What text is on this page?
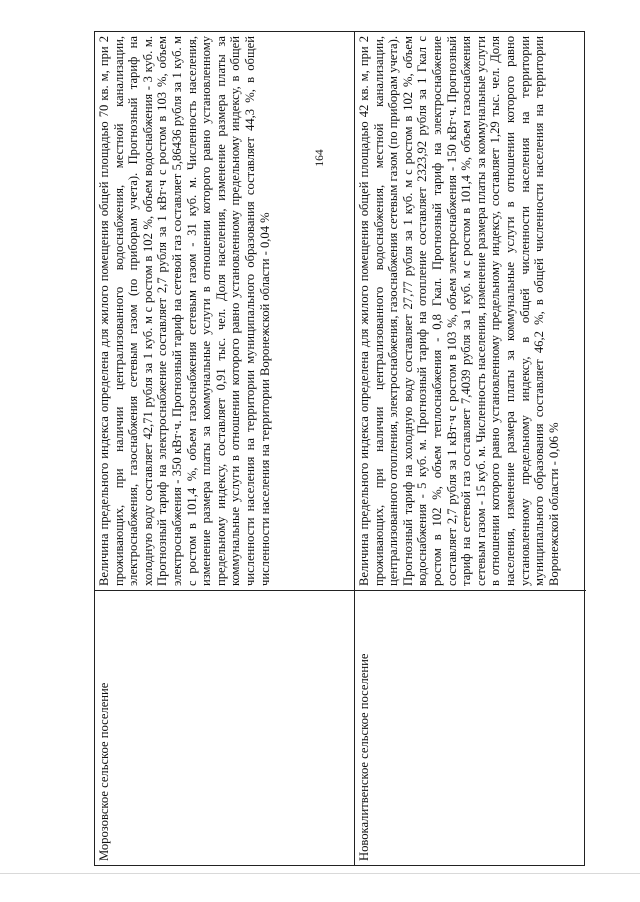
164
Морозовское сельское поселение
Величина предельного индекса определена для жилого помещения общей площадью 70 кв. м, при 2 проживающих, при наличии централизованного водоснабжения, местной канализации, электроснабжения, газоснабжения сетевым газом (по приборам учета). Прогнозный тариф на холодную воду составляет 42,71 рубля за 1 куб. м с ростом в 102 %, объем водоснабжения - 3 куб. м. Прогнозный тариф на электроснабжение составляет 2,7 рубля за 1 кВт·ч с ростом в 103 %, объем электроснабжения - 350 кВт·ч. Прогнозный тариф на сетевой газ составляет 5,86436 рубля за 1 куб. м с ростом в 101,4 %, объем газоснабжения сетевым газом - 31 куб. м. Численность населения, изменение размера платы за коммунальные услуги в отношении которого равно установленному предельному индексу, составляет 0,91 тыс. чел. Доля населения, изменение размера платы за коммунальные услуги в отношении которого равно установленному предельному индексу, в общей численности населения на территории муниципального образования составляет 44,3 %, в общей численности населения на территории Воронежской области - 0,04 %
Новокалитвенское сельское поселение
Величина предельного индекса определена для жилого помещения общей площадью 42 кв. м, при 2 проживающих, при наличии централизованного водоснабжения, местной канализации, централизованного отопления, электроснабжения, газоснабжения сетевым газом (по приборам учета). Прогнозный тариф на холодную воду составляет 27,77 рубля за 1 куб. м с ростом в 102 %, объем водоснабжения - 5 куб. м. Прогнозный тариф на отопление составляет 2323,92 рубля за 1 Гкал с ростом в 102 %, объем теплоснабжения - 0,8 Гкал. Прогнозный тариф на электроснабжение составляет 2,7 рубля за 1 кВт·ч с ростом в 103 %, объем электроснабжения - 150 кВт·ч. Прогнозный тариф на сетевой газ составляет 7,4039 рубля за 1 куб. м с ростом в 101,4 %, объем газоснабжения сетевым газом - 15 куб. м. Численность населения, изменение размера платы за коммунальные услуги в отношении которого равно установленному предельному индексу, составляет 1,29 тыс. чел. Доля населения, изменение размера платы за коммунальные услуги в отношении которого равно установленному предельному индексу, в общей численности населения на территории муниципального образования составляет 46,2 %, в общей численности населения на территории Воронежской области - 0,06 %
